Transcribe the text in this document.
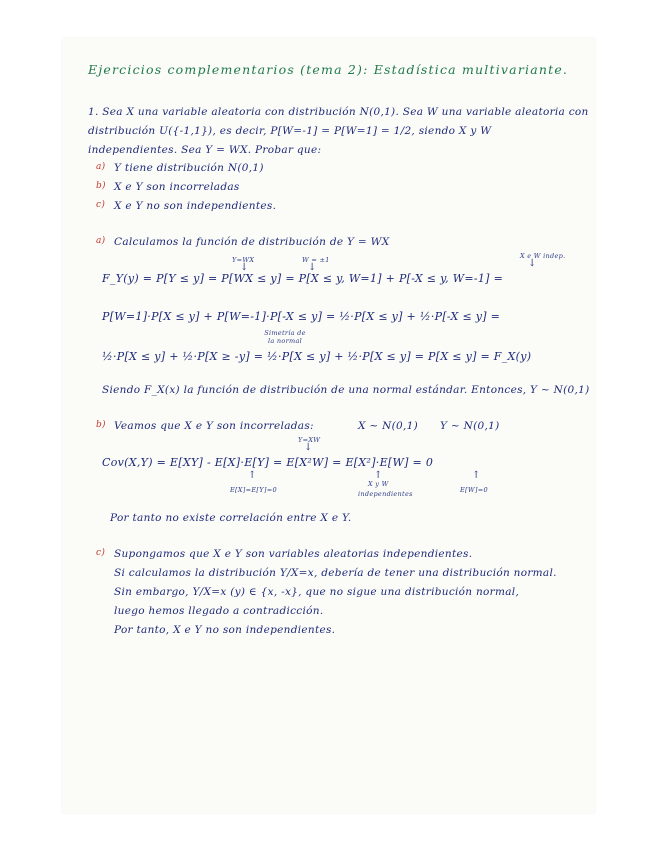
Ejercicios complementarios (tema 2): Estadística multivariante.
1. Sea X una variable aleatoria con distribución N(0,1). Sea W una variable aleatoria con
distribución U({-1,1}), es decir, P[W=-1] = P[W=1] = 1/2, siendo X y W
independientes. Sea Y = WX. Probar que:
a) Y tiene distribución N(0,1)
b) X e Y son incorreladas
c) X e Y no son independientes.
a) Calculamos la función de distribución de Y = WX
Y=WX
↓
W = ±1
↓
X e W indep.
↓
F_Y(y) = P[Y ≤ y] = P[WX ≤ y] = P[X ≤ y, W=1] + P[-X ≤ y, W=-1] =
P[W=1]·P[X ≤ y] + P[W=-1]·P[-X ≤ y] = ½·P[X ≤ y] + ½·P[-X ≤ y] =
Simetría de la normal
½·P[X ≤ y] + ½·P[X ≥ -y] = ½·P[X ≤ y] + ½·P[X ≤ y] = P[X ≤ y] = F_X(y)
Siendo F_X(x) la función de distribución de una normal estándar. Entonces, Y ~ N(0,1)
b) Veamos que X e Y son incorreladas:	X ~ N(0,1) Y ~ N(0,1)
Y=XW
↓
Cov(X,Y) = E[XY] - E[X]·E[Y] = E[X²W] = E[X²]·E[W] = 0
↑	↑	↑
E[X]=E[Y]=0
X y W
independientes	E[W]=0
Por tanto no existe correlación entre X e Y.
c) Supongamos que X e Y son variables aleatorias independientes.
Si calculamos la distribución Y/X=x, debería de tener una distribución normal.
Sin embargo, Y/X=x (y) ∈ {x, -x}, que no sigue una distribución normal,
luego hemos llegado a contradicción.
Por tanto, X e Y no son independientes.
